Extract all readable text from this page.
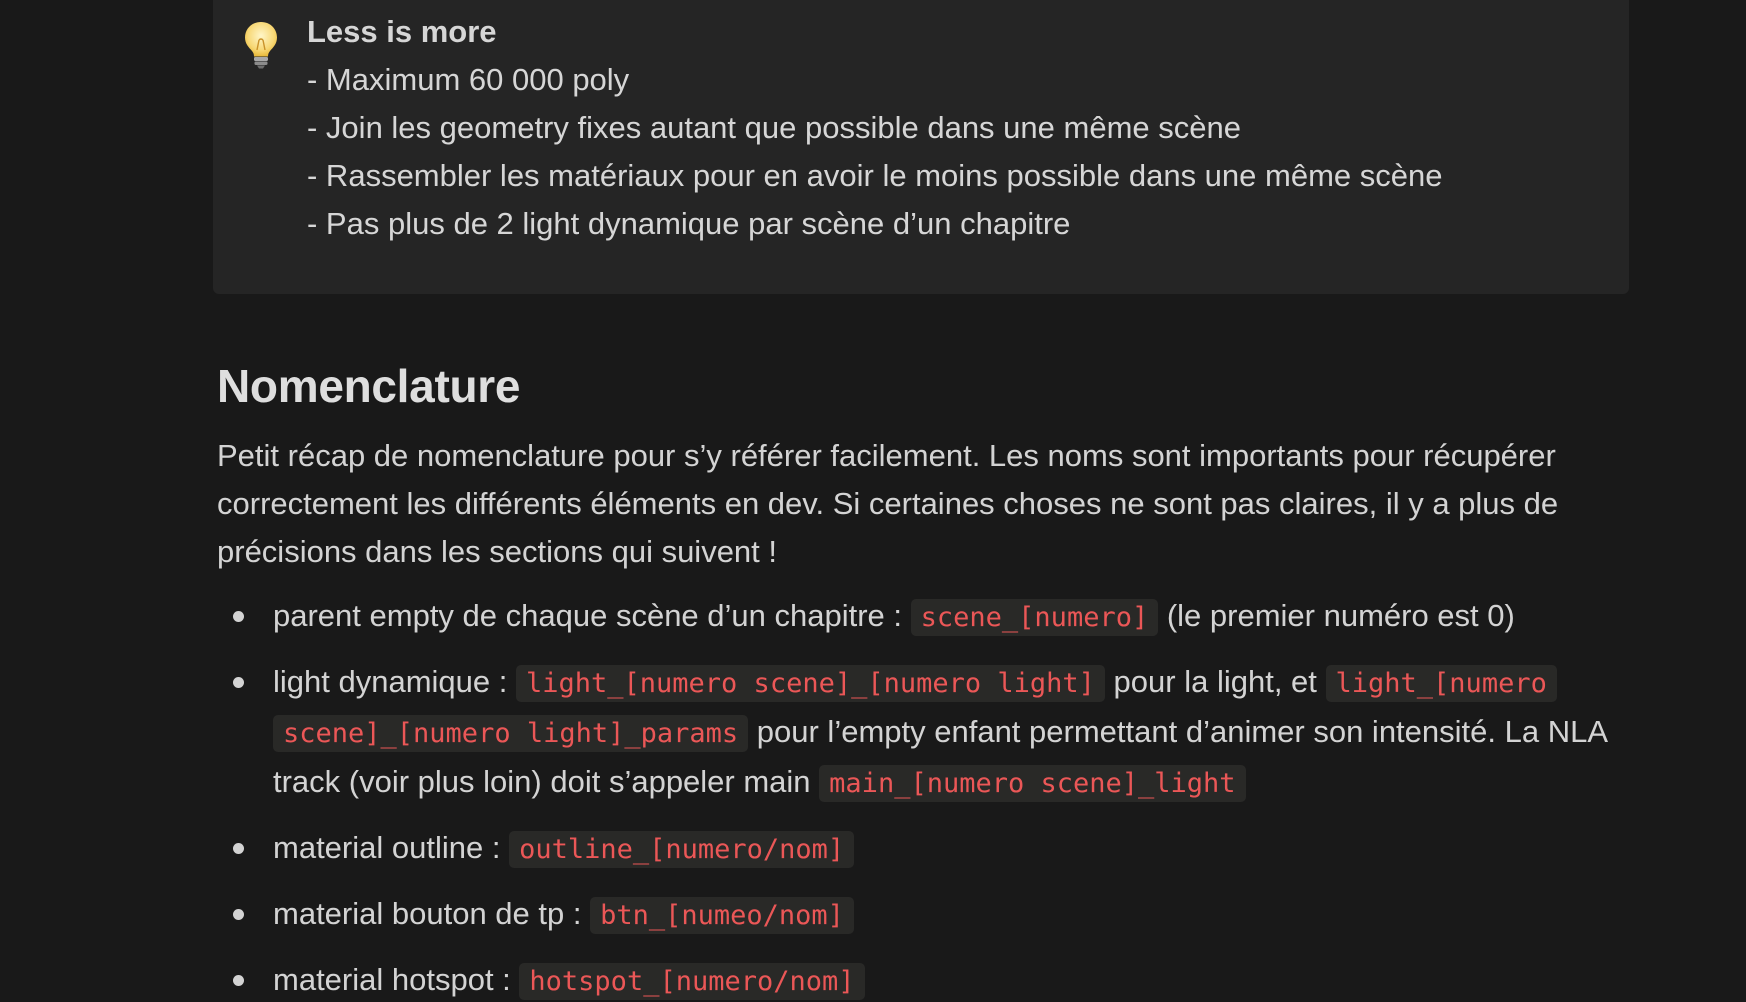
Less is more
- Maximum 60 000 poly
- Join les geometry fixes autant que possible dans une même scène
- Rassembler les matériaux pour en avoir le moins possible dans une même scène
- Pas plus de 2 light dynamique par scène d’un chapitre
Nomenclature

Petit récap de nomenclature pour s’y référer facilement. Les noms sont importants pour récupérer correctement les différents éléments en dev. Si certaines choses ne sont pas claires, il y a plus de précisions dans les sections qui suivent !

parent empty de chaque scène d’un chapitre : scene_[numero] (le premier numéro est 0)
light dynamique : light_[numero scene]_[numero light] pour la light, et light_[numero scene]_[numero light]_params pour l’empty enfant permettant d’animer son intensité. La NLA track (voir plus loin) doit s’appeler main main_[numero scene]_light
material outline : outline_[numero/nom]
material bouton de tp : btn_[numeo/nom]
material hotspot : hotspot_[numero/nom]
